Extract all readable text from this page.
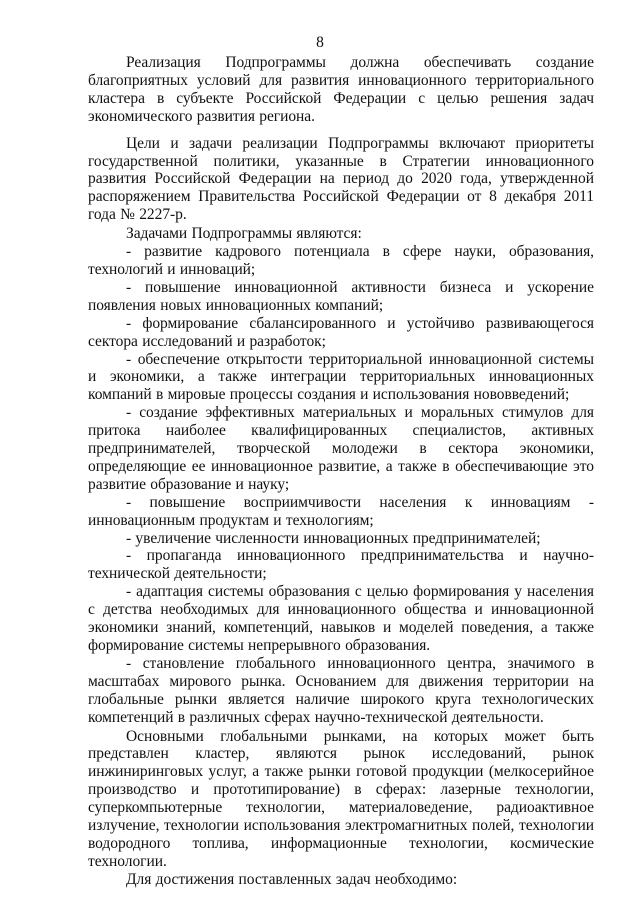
8

Реализация Подпрограммы должна обеспечивать создание благоприятных условий для развития инновационного территориального кластера в субъекте Российской Федерации с целью решения задач экономического развития региона.

Цели и задачи реализации Подпрограммы включают приоритеты государственной политики, указанные в Стратегии инновационного развития Российской Федерации на период до 2020 года, утвержденной распоряжением Правительства Российской Федерации от 8 декабря 2011 года № 2227-р.

Задачами Подпрограммы являются:

- развитие кадрового потенциала в сфере науки, образования, технологий и инноваций;

- повышение инновационной активности бизнеса и ускорение появления новых инновационных компаний;

- формирование сбалансированного и устойчиво развивающегося сектора исследований и разработок;

- обеспечение открытости территориальной инновационной системы и экономики, а также интеграции территориальных инновационных компаний в мировые процессы создания и использования нововведений;

- создание эффективных материальных и моральных стимулов для притока наиболее квалифицированных специалистов, активных предпринимателей, творческой молодежи в сектора экономики, определяющие ее инновационное развитие, а также в обеспечивающие это развитие образование и науку;

- повышение восприимчивости населения к инновациям - инновационным продуктам и технологиям;

- увеличение численности инновационных предпринимателей;

- пропаганда инновационного предпринимательства и научно-технической деятельности;

- адаптация системы образования с целью формирования у населения с детства необходимых для инновационного общества и инновационной экономики знаний, компетенций, навыков и моделей поведения, а также формирование системы непрерывного образования.

- становление глобального инновационного центра, значимого в масштабах мирового рынка. Основанием для движения территории на глобальные рынки является наличие широкого круга технологических компетенций в различных сферах научно-технической деятельности.

Основными глобальными рынками, на которых может быть представлен кластер, являются рынок исследований, рынок инжиниринговых услуг, а также рынки готовой продукции (мелкосерийное производство и прототипирование) в сферах: лазерные технологии, суперкомпьютерные технологии, материаловедение, радиоактивное излучение, технологии использования электромагнитных полей, технологии водородного топлива, информационные технологии, космические технологии.

Для достижения поставленных задач необходимо:
